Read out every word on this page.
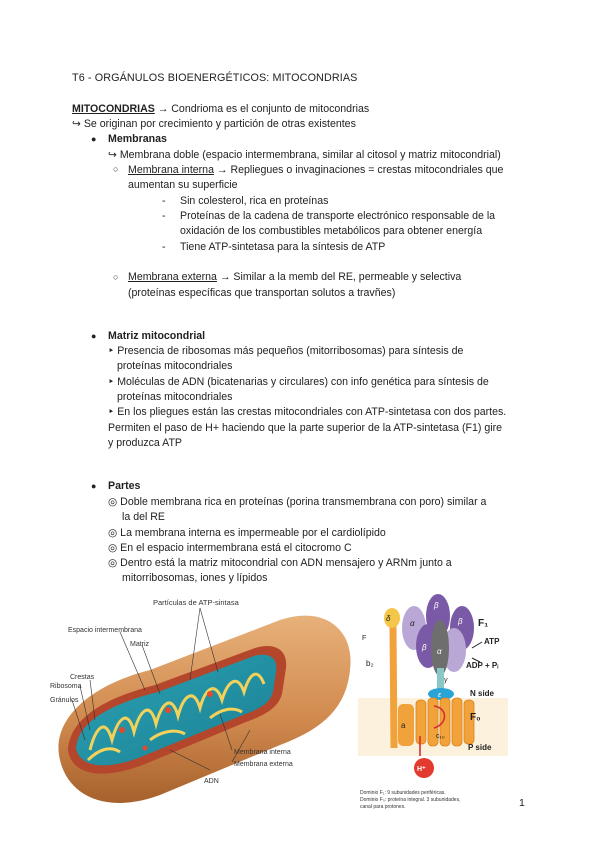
T6 - ORGÁNULOS BIOENERGÉTICOS: MITOCONDRIAS
MITOCONDRIAS → Condrioma es el conjunto de mitocondrias
↪ Se originan por crecimiento y partición de otras existentes
● Membranas
↪ Membrana doble (espacio intermembrana, similar al citosol y matriz mitocondrial)
○ Membrana interna → Repliegues o invaginaciones = crestas mitocondriales que
aumentan su superficie
- Sin colesterol, rica en proteínas
- Proteínas de la cadena de transporte electrónico responsable de la
oxidación de los combustibles metabólicos para obtener energía
- Tiene ATP-sintetasa para la síntesis de ATP
○ Membrana externa → Similar a la memb del RE, permeable y selectiva
(proteínas específicas que transportan solutos a travñes)
● Matriz mitocondrial
‣ Presencia de ribosomas más pequeños (mitorribosomas) para síntesis de
proteínas mitocondriales
‣ Moléculas de ADN (bicatenarias y circulares) con info genética para síntesis de
proteínas mitocondriales
‣ En los pliegues están las crestas mitocondriales con ATP-sintetasa con dos partes.
Permiten el paso de H+ haciendo que la parte superior de la ATP-sintetasa (F1) gire
y produzca ATP
● Partes
◎ Doble membrana rica en proteínas (porina transmembrana con poro) similar a
la del RE
◎ La membrana interna es impermeable por el cardiolípido
◎ En el espacio intermembrana está el citocromo C
◎ Dentro está la matriz mitocondrial con ADN mensajero y ARNm junto a
mitorribosomas, iones y lípidos
Partículas de ATP-sintasa
Espacio intermembrana
Matriz
Crestas
Ribosoma
Gránulos
Membrana interna
Membrana externa
ADN
δ
β
α	β
β α
γ
ε
F₁
ATP
ADP + Pᵢ
F
b₂
N side
F₀
a
c₁₀
P side
H⁺
Dominio F₁: 9 subunidades periféricas.
Dominio F₀: proteína integral. 3 subunidades,
canal para protones.	1
